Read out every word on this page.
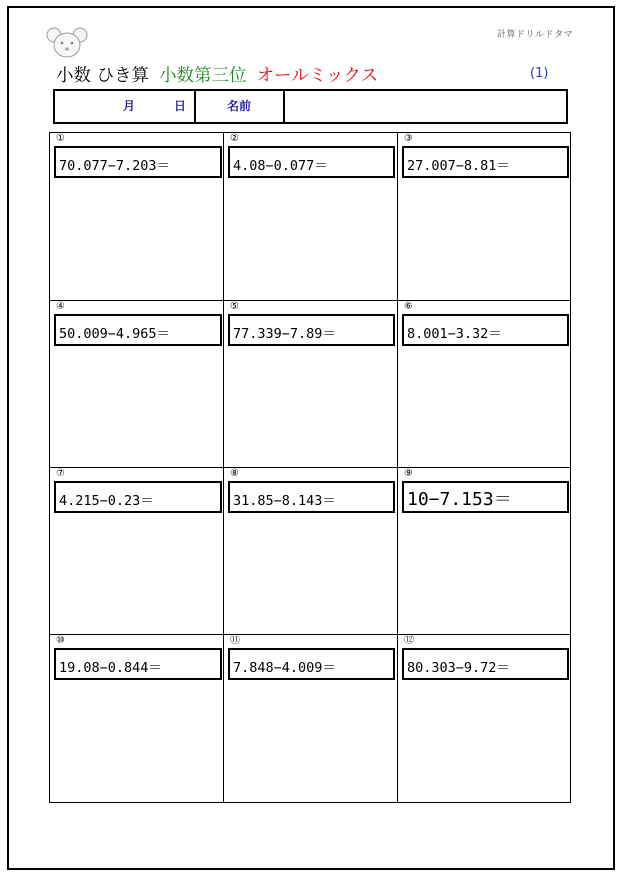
計算ドリルドタマ
小数 ひき算 小数第三位 オールミックス	(1)
月	日	名前
①
70.077−7.203＝
②
4.08−0.077＝
③
27.007−8.81＝
④
50.009−4.965＝
⑤
77.339−7.89＝
⑥
8.001−3.32＝
⑦
4.215−0.23＝
⑧
31.85−8.143＝
⑨
10−7.153＝
⑩
19.08−0.844＝
⑪
7.848−4.009＝
⑫
80.303−9.72＝
